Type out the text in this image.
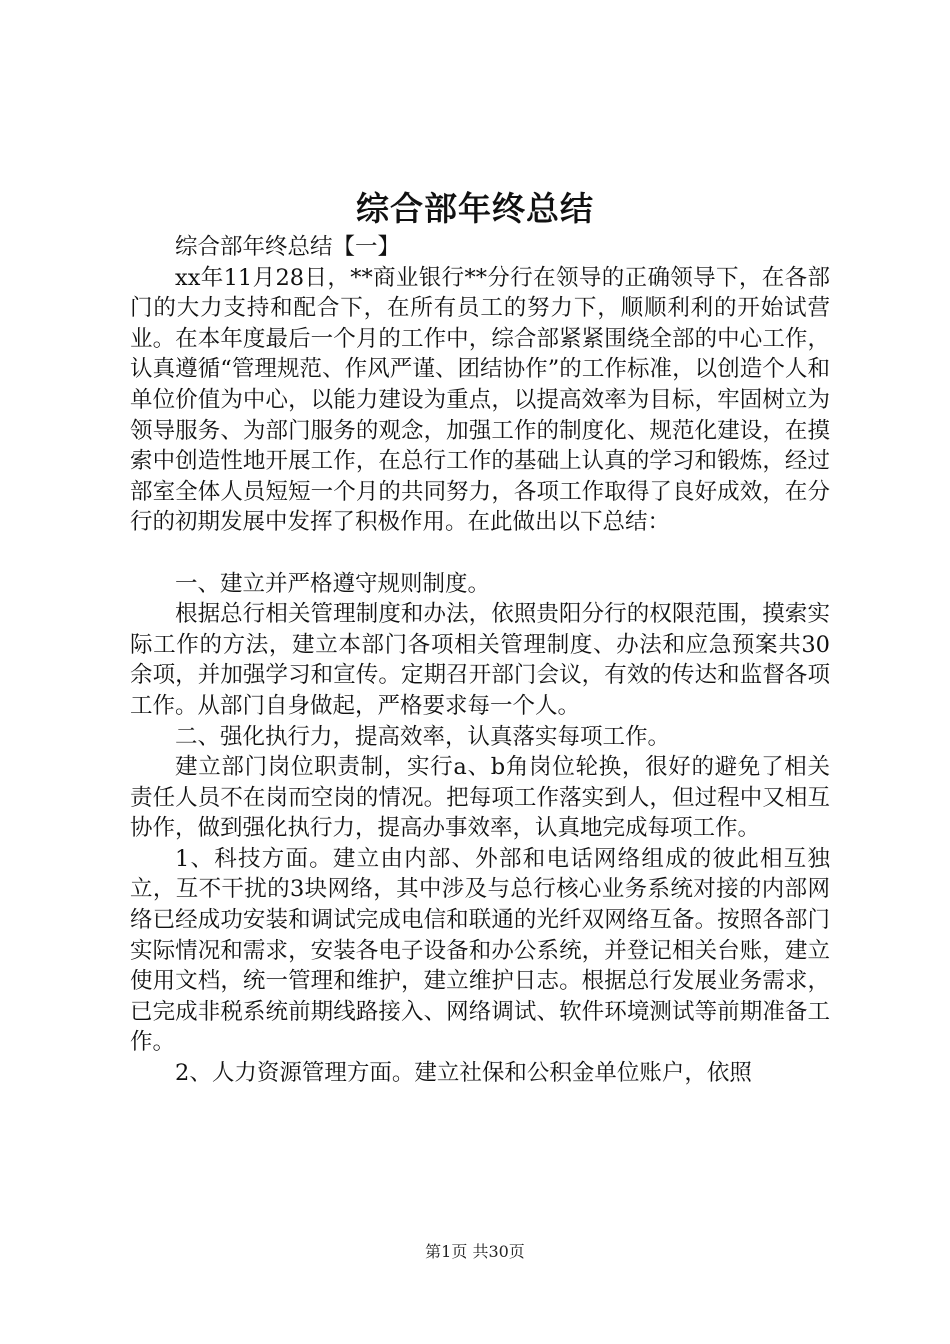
综合部年终总结

综合部年终总结【一】

xx年11月28日，**商业银行**分行在领导的正确领导下，在各部门的大力支持和配合下，在所有员工的努力下，顺顺利利的开始试营业。在本年度最后一个月的工作中，综合部紧紧围绕全部的中心工作，认真遵循“管理规范、作风严谨、团结协作”的工作标准，以创造个人和单位价值为中心，以能力建设为重点，以提高效率为目标，牢固树立为领导服务、为部门服务的观念，加强工作的制度化、规范化建设，在摸索中创造性地开展工作，在总行工作的基础上认真的学习和锻炼，经过部室全体人员短短一个月的共同努力，各项工作取得了良好成效，在分行的初期发展中发挥了积极作用。在此做出以下总结：

一、建立并严格遵守规则制度。

根据总行相关管理制度和办法，依照贵阳分行的权限范围，摸索实际工作的方法，建立本部门各项相关管理制度、办法和应急预案共30余项，并加强学习和宣传。定期召开部门会议，有效的传达和监督各项工作。从部门自身做起，严格要求每一个人。

二、强化执行力，提高效率，认真落实每项工作。

建立部门岗位职责制，实行a、b角岗位轮换，很好的避免了相关责任人员不在岗而空岗的情况。把每项工作落实到人，但过程中又相互协作，做到强化执行力，提高办事效率，认真地完成每项工作。

1、科技方面。建立由内部、外部和电话网络组成的彼此相互独立，互不干扰的3块网络，其中涉及与总行核心业务系统对接的内部网络已经成功安装和调试完成电信和联通的光纤双网络互备。按照各部门实际情况和需求，安装各电子设备和办公系统，并登记相关台账，建立使用文档，统一管理和维护，建立维护日志。根据总行发展业务需求，已完成非税系统前期线路接入、网络调试、软件环境测试等前期准备工作。

2、人力资源管理方面。建立社保和公积金单位账户，依照

第1页 共30页
